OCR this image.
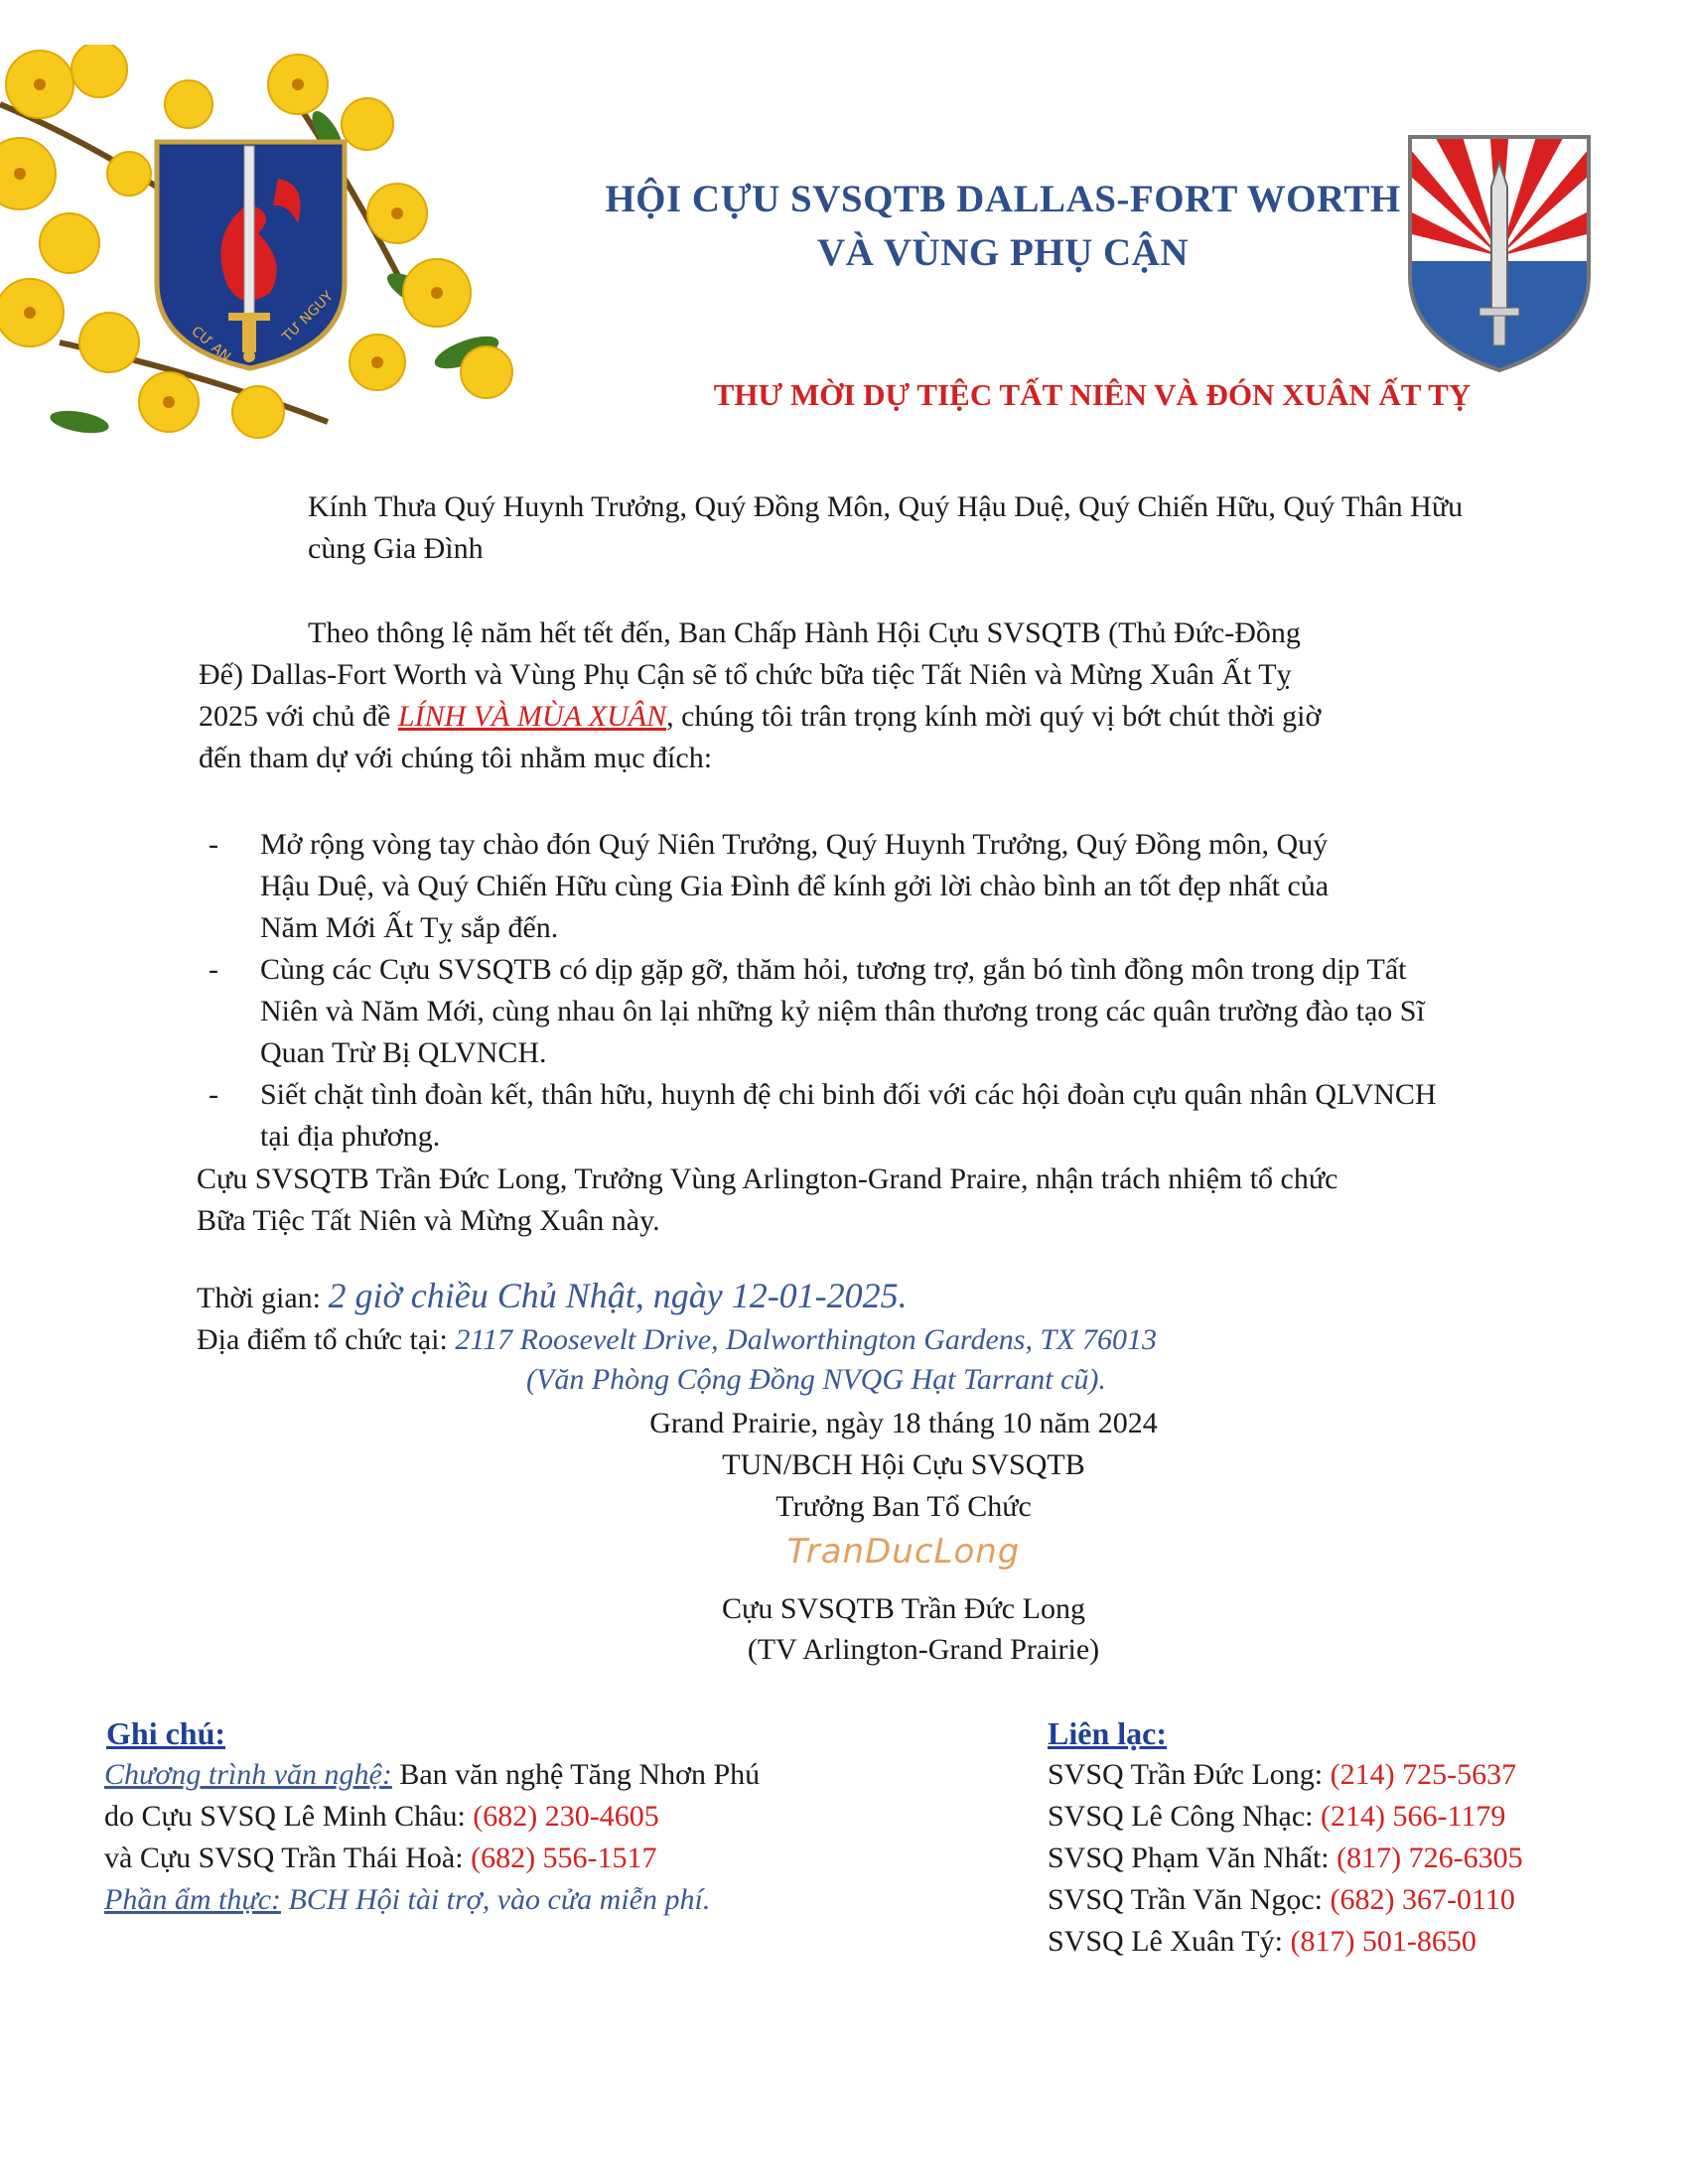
CƯ AN	TƯ NGUY
HỘI CỰU SVSQTB DALLAS-FORT WORTH
VÀ VÙNG PHỤ CẬN
THƯ MỜI DỰ TIỆC TẤT NIÊN VÀ ĐÓN XUÂN ẤT TỴ
Kính Thưa Quý Huynh Trưởng, Quý Đồng Môn, Quý Hậu Duệ, Quý Chiến Hữu, Quý Thân Hữu
cùng Gia Đình
Theo thông lệ năm hết tết đến, Ban Chấp Hành Hội Cựu SVSQTB (Thủ Đức-Đồng
Đế) Dallas-Fort Worth và Vùng Phụ Cận sẽ tổ chức bữa tiệc Tất Niên và Mừng Xuân Ất Tỵ
2025 với chủ đề LÍNH VÀ MÙA XUÂN, chúng tôi trân trọng kính mời quý vị bớt chút thời giờ
đến tham dự với chúng tôi nhằm mục đích:
- Mở rộng vòng tay chào đón Quý Niên Trưởng, Quý Huynh Trưởng, Quý Đồng môn, Quý
Hậu Duệ, và Quý Chiến Hữu cùng Gia Đình để kính gởi lời chào bình an tốt đẹp nhất của
Năm Mới Ất Tỵ sắp đến.
- Cùng các Cựu SVSQTB có dịp gặp gỡ, thăm hỏi, tương trợ, gắn bó tình đồng môn trong dịp Tất
Niên và Năm Mới, cùng nhau ôn lại những kỷ niệm thân thương trong các quân trường đào tạo Sĩ
Quan Trừ Bị QLVNCH.
- Siết chặt tình đoàn kết, thân hữu, huynh đệ chi binh đối với các hội đoàn cựu quân nhân QLVNCH
tại địa phương.
Cựu SVSQTB Trần Đức Long, Trưởng Vùng Arlington-Grand Praire, nhận trách nhiệm tổ chức
Bữa Tiệc Tất Niên và Mừng Xuân này.
Thời gian: 2 giờ chiều Chủ Nhật, ngày 12-01-2025.
Địa điểm tổ chức tại: 2117 Roosevelt Drive, Dalworthington Gardens, TX 76013
(Văn Phòng Cộng Đồng NVQG Hạt Tarrant cũ).
Grand Prairie, ngày 18 tháng 10 năm 2024
TUN/BCH Hội Cựu SVSQTB
Trưởng Ban Tổ Chức
TranDucLong
Cựu SVSQTB Trần Đức Long
(TV Arlington-Grand Prairie)
Ghi chú:
Chương trình văn nghệ: Ban văn nghệ Tăng Nhơn Phú
do Cựu SVSQ Lê Minh Châu: (682) 230-4605
và Cựu SVSQ Trần Thái Hoà: (682) 556-1517
Phần ẩm thực: BCH Hội tài trợ, vào cửa miễn phí.
Liên lạc:
SVSQ Trần Đức Long: (214) 725-5637
SVSQ Lê Công Nhạc: (214) 566-1179
SVSQ Phạm Văn Nhất: (817) 726-6305
SVSQ Trần Văn Ngọc: (682) 367-0110
SVSQ Lê Xuân Tý: (817) 501-8650
